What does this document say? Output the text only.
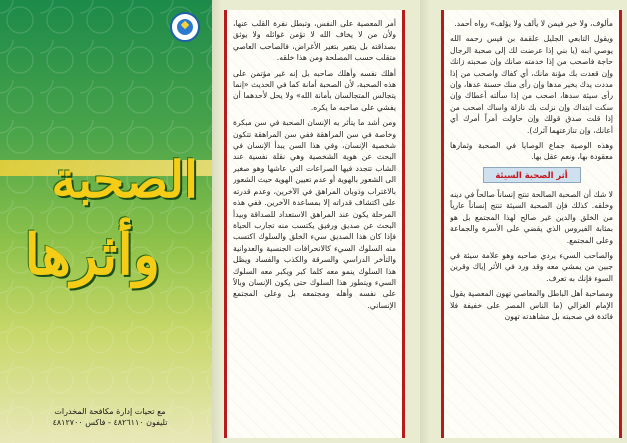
الصحبة
وأثرها
مع تحيات إدارة مكافحة المخدرات
تليفون ٤٨٢٦١١٠ - فاكس ٤٨١٢٧٠٠

أمر المعصية على النفس، وتبطل نفرة القلب عنها، ولأن من لا يخاف الله لا تؤمن غوائله ولا يوثق بصداقته بل يتغير بتغير الأغراض، فالصاحب العاصي متقلب حسب المصلحة ومن هذا خلقه.

أهلك نفسه وأهلك صاحبه بل إنه غير مؤتمن على هذه الصحبة، لأن الصحبة أمانة كما في الحديث «إنما يتجالس المتجالسان بأمانة الله» ولا يحل لأحدهما أن يفشي على صاحبه ما يكره.

ومن أشد ما يتأثر به الإنسان الصحبة في سن مبكرة وخاصة في سن المراهقة ففي سن المراهقة تتكون شخصية الإنسان، وفي هذا السن يبدأ الإنسان في البحث عن هوية الشخصية وهي نقلة نفسية عند الشاب تتجدد فيها الصراعات التي عاشها وهو صغير الى الشعور بالهوية أو عدم تعيين الهوية حيث الشعور بالاغتراب وذوبان المراهق في الآخرين، وعدم قدرته على اكتشاف قدراته إلا بمساعدة الآخرين. ففي هذه المرحلة يكون عند المراهق الاستعداد للصداقة وبيدأ البحث عن صديق ورفيق يكتسب منه تجارب الحياة فإذا كان هذا الصديق سيء الخلق والسلوك اكتسب منه السلوك السيء كالانحرافات الجنسية والعدوانية والتأخر الدراسي والسرقة والكذب والفساد ويظل هذا السلوك ينمو معه كلما كبر ويكبر معه السلوك السيء ويتطور هذا السلوك حتى يكون الإنسان وبالاً على نفسه وأهله ومجتمعه بل وعلى المجتمع الإنساني.

مألوف، ولا خير فيمن لا يألف ولا يؤلف» رواه أحمد.

ويقول التابعي الجليل علقمة بن قيس رحمه الله يوصي ابنه (يا بني إذا عرضت لك إلى صحبة الرجال حاجة فاصحب من إذا خدمته صانك وإن صحبته زانك وإن قعدت بك مؤنة مانك، أي كفاك واصحب من إذا مددت يدك بخير مدها وإن رأى منك حسنة عدها، وإن رأى سيئة سدها، اصحب من إذا سألته أعطاك وإن سكت ابتداك وإن نزلت بك نازلة واساك اصحب من إذا قلت صدق قولك وإن حاولت أمراً أمرك أي أعانك، وإن تنازعتهما آثرك).

وهذه الوصية جماع الوصايا في الصحبة وثمارها معقودة بها، ونعم عقل بها.

أثر الصحبة السيئة

لا شك أن الصحبة الصالحة تنتج إنساناً صالحاً في دينه وخلقه. كذلك فإن الصحبة السيئة تنتج إنساناً عارياً من الخلق والدين غير صالح لهذا المجتمع بل هو بمثابة الفيروس الذي يقضي على الأسرة والجماعة وعلى المجتمع.

والصاحب السيء يردي صاحبه وهو علامة سيئة في جبين من يمشي معه وقد ورد في الأثر إياك وقرين السوء فإنك به تعرف.

ومصاحبة أهل الباطل والمعاصي تهون المعصية يقول الإمام الغزالي (ما الناس المصر على خفيفة فلا فائدة في صحبته بل مشاهدته تهون
